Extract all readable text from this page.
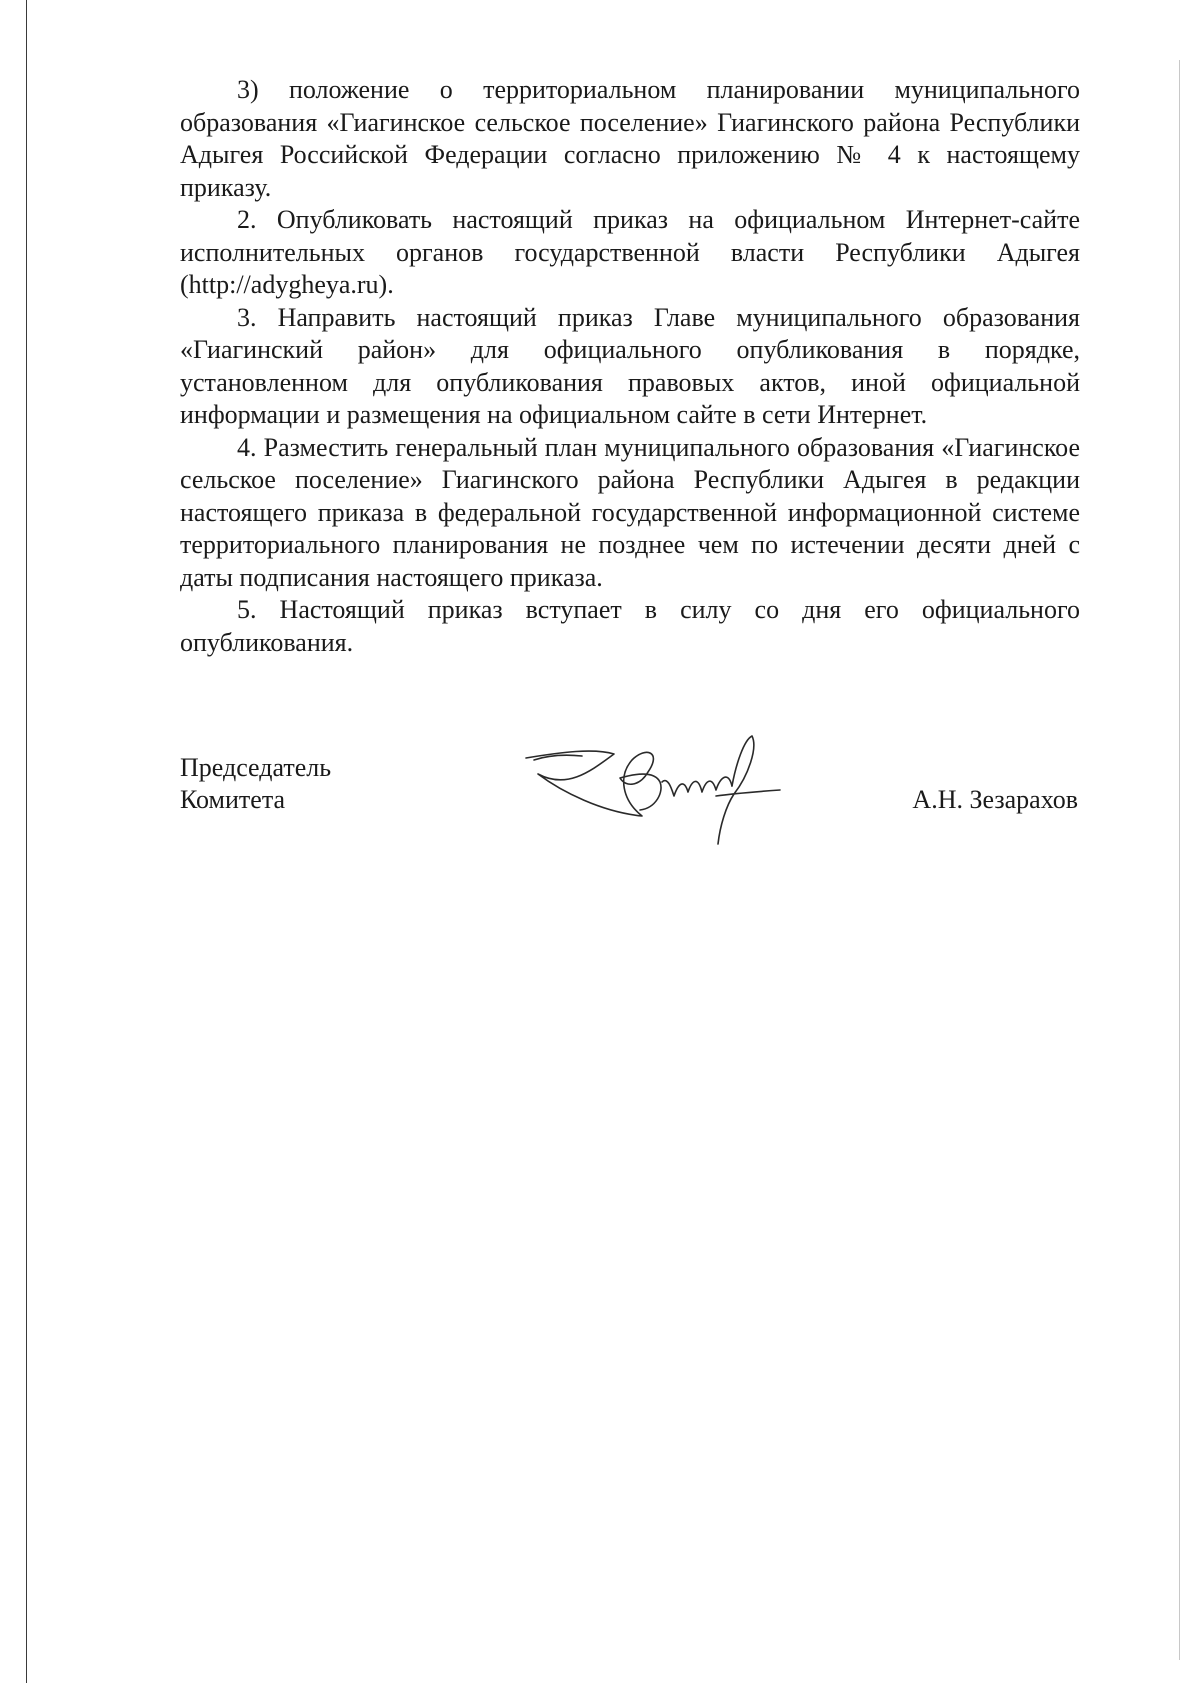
3) положение о территориальном планировании муниципального образования «Гиагинское сельское поселение» Гиагинского района Республики Адыгея Российской Федерации согласно приложению № 4 к настоящему приказу.

2. Опубликовать настоящий приказ на официальном Интернет-сайте исполнительных органов государственной власти Республики Адыгея (http://adygheya.ru).

3. Направить настоящий приказ Главе муниципального образования «Гиагинский район» для официального опубликования в порядке, установленном для опубликования правовых актов, иной официальной информации и размещения на официальном сайте в сети Интернет.

4. Разместить генеральный план муниципального образования «Гиагинское сельское поселение» Гиагинского района Республики Адыгея в редакции настоящего приказа в федеральной государственной информационной системе территориального планирования не позднее чем по истечении десяти дней с даты подписания настоящего приказа.

5. Настоящий приказ вступает в силу со дня его официального опубликования.

Председатель
Комитета	А.Н. Зезарахов
